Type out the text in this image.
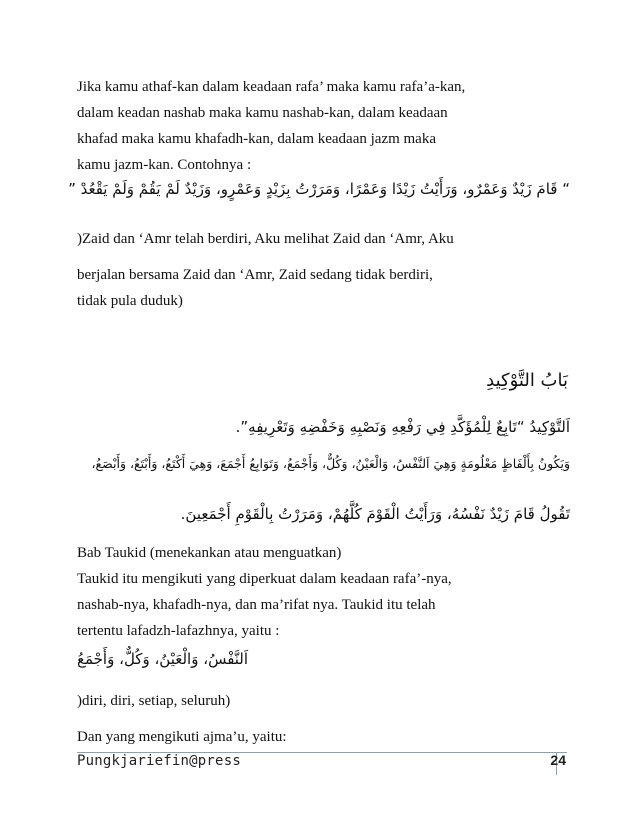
Jika kamu athaf-kan dalam keadaan rafa’ maka kamu rafa’a-kan,
dalam keadan nashab maka kamu nashab-kan, dalam keadaan
khafad maka kamu khafadh-kan, dalam keadaan jazm maka
kamu jazm-kan. Contohnya :

“ قَامَ زَيْدٌ وَعَمْرٌو، وَرَأَيْتُ زَيْدًا وَعَمْرًا، وَمَرَرْتُ بِزَيْدٍ وَعَمْرٍو، وَزَيْدٌ لَمْ يَقُمْ وَلَمْ يَقْعُدْ ”

)Zaid dan ‘Amr telah berdiri, Aku melihat Zaid dan ‘Amr, Aku

berjalan bersama Zaid dan ‘Amr, Zaid sedang tidak berdiri,
tidak pula duduk)

بَابُ التَّوْكِيدِ
اَلتَّوْكِيدُ “تَابِعٌ لِلْمُؤَكَّدِ فِي رَفْعِهِ وَنَصْبِهِ وَخَفْضِهِ وَتَعْرِيفِهِ”.
وَيَكُونُ بِأَلْفَاظٍ مَعْلُومَةٍ وَهِيَ اَلنَّفْسُ، وَالْعَيْنُ، وَكُلٌّ، وَأَجْمَعُ، وَتَوَابِعُ أَجْمَعَ، وَهِيَ أَكْتَعُ، وَأَبْتَعُ، وَأَبْصَعُ،
تَقُولُ قَامَ زَيْدٌ نَفْسُهُ، وَرَأَيْتُ الْقَوْمَ كُلَّهُمْ، وَمَرَرْتُ بِالْقَوْمِ أَجْمَعِينَ.

Bab Taukid (menekankan atau menguatkan)
Taukid itu mengikuti yang diperkuat dalam keadaan rafa’-nya,
nashab-nya, khafadh-nya, dan ma’rifat nya. Taukid itu telah
tertentu lafadzh-lafazhnya, yaitu :

اَلنَّفْسُ، وَالْعَيْنُ، وَكُلٌّ، وَأَجْمَعُ

)diri, diri, setiap, seluruh)

Dan yang mengikuti ajma’u, yaitu:

Pungkjariefin@press	24
